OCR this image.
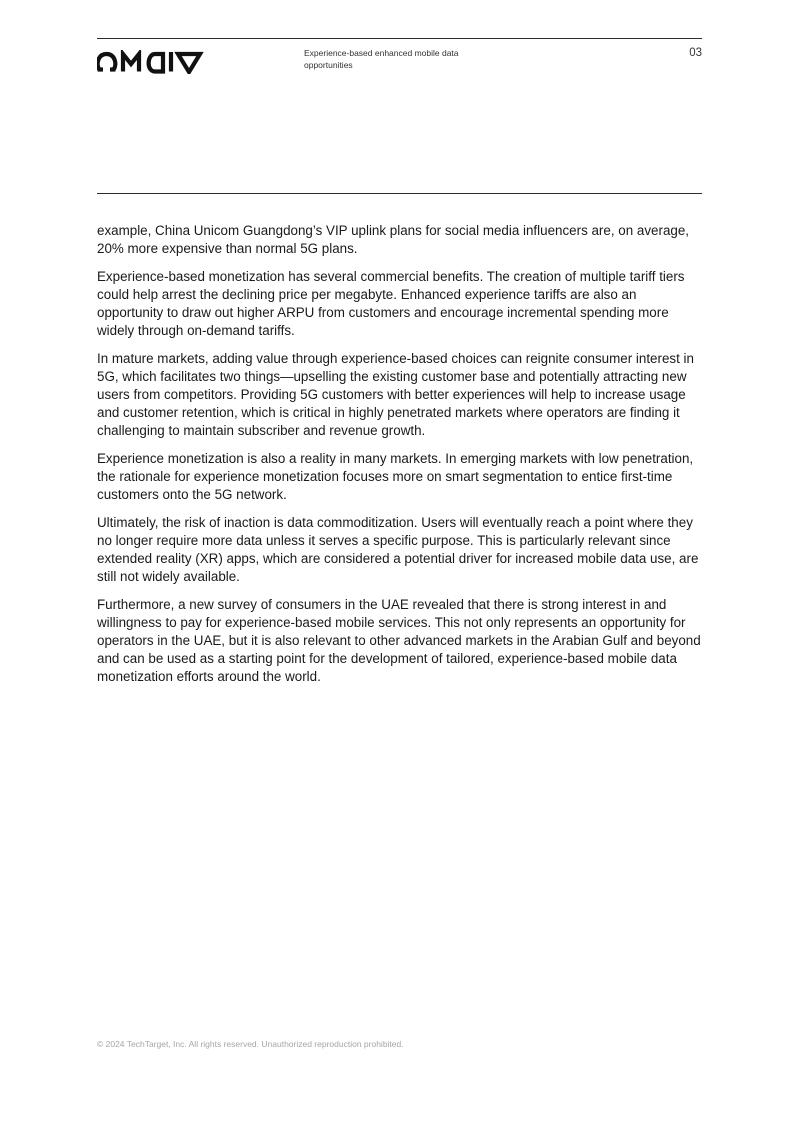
Experience-based enhanced mobile data opportunities
03

example, China Unicom Guangdong’s VIP uplink plans for social media influencers are, on average, 20% more expensive than normal 5G plans.

Experience-based monetization has several commercial benefits. The creation of multiple tariff tiers could help arrest the declining price per megabyte. Enhanced experience tariffs are also an opportunity to draw out higher ARPU from customers and encourage incremental spending more widely through on-demand tariffs.

In mature markets, adding value through experience-based choices can reignite consumer interest in 5G, which facilitates two things—upselling the existing customer base and potentially attracting new users from competitors. Providing 5G customers with better experiences will help to increase usage and customer retention, which is critical in highly penetrated markets where operators are finding it challenging to maintain subscriber and revenue growth.

Experience monetization is also a reality in many markets. In emerging markets with low penetration, the rationale for experience monetization focuses more on smart segmentation to entice first-time customers onto the 5G network.

Ultimately, the risk of inaction is data commoditization. Users will eventually reach a point where they no longer require more data unless it serves a specific purpose. This is particularly relevant since extended reality (XR) apps, which are considered a potential driver for increased mobile data use, are still not widely available.

Furthermore, a new survey of consumers in the UAE revealed that there is strong interest in and willingness to pay for experience-based mobile services. This not only represents an opportunity for operators in the UAE, but it is also relevant to other advanced markets in the Arabian Gulf and beyond and can be used as a starting point for the development of tailored, experience-based mobile data monetization efforts around the world.

© 2024 TechTarget, Inc. All rights reserved. Unauthorized reproduction prohibited.
